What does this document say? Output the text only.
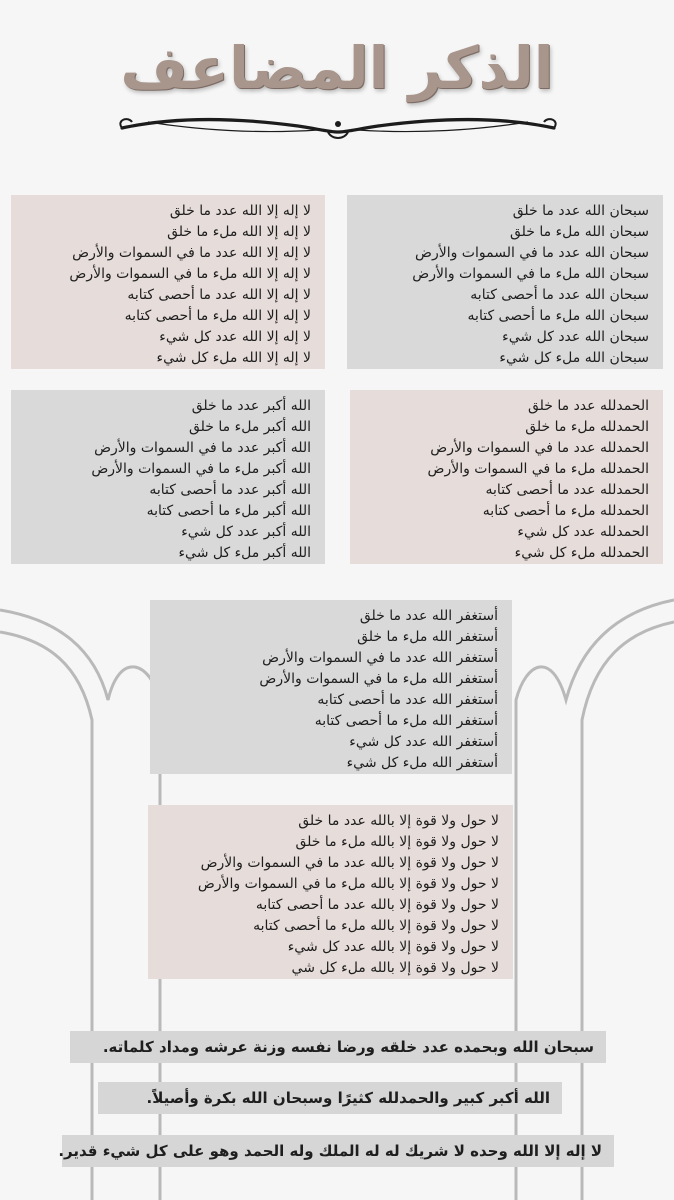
الذكر المضاعف
سبحان الله عدد ما خلق
سبحان الله ملء ما خلق
سبحان الله عدد ما في السموات والأرض
سبحان الله ملء ما في السموات والأرض
سبحان الله عدد ما أحصى كتابه
سبحان الله ملء ما أحصى كتابه
سبحان الله عدد كل شيء
سبحان الله ملء كل شيء
لا إله إلا الله عدد ما خلق
لا إله إلا الله ملء ما خلق
لا إله إلا الله عدد ما في السموات والأرض
لا إله إلا الله ملء ما في السموات والأرض
لا إله إلا الله عدد ما أحصى كتابه
لا إله إلا الله ملء ما أحصى كتابه
لا إله إلا الله عدد كل شيء
لا إله إلا الله ملء كل شيء
الحمدلله عدد ما خلق
الحمدلله ملء ما خلق
الحمدلله عدد ما في السموات والأرض
الحمدلله ملء ما في السموات والأرض
الحمدلله عدد ما أحصى كتابه
الحمدلله ملء ما أحصى كتابه
الحمدلله عدد كل شيء
الحمدلله ملء كل شيء
الله أكبر عدد ما خلق
الله أكبر ملء ما خلق
الله أكبر عدد ما في السموات والأرض
الله أكبر ملء ما في السموات والأرض
الله أكبر عدد ما أحصى كتابه
الله أكبر ملء ما أحصى كتابه
الله أكبر عدد كل شيء
الله أكبر ملء كل شيء
أستغفر الله عدد ما خلق
أستغفر الله ملء ما خلق
أستغفر الله عدد ما في السموات والأرض
أستغفر الله ملء ما في السموات والأرض
أستغفر الله عدد ما أحصى كتابه
أستغفر الله ملء ما أحصى كتابه
أستغفر الله عدد كل شيء
أستغفر الله ملء كل شيء
لا حول ولا قوة إلا بالله عدد ما خلق
لا حول ولا قوة إلا بالله ملء ما خلق
لا حول ولا قوة إلا بالله عدد ما في السموات والأرض
لا حول ولا قوة إلا بالله ملء ما في السموات والأرض
لا حول ولا قوة إلا بالله عدد ما أحصى كتابه
لا حول ولا قوة إلا بالله ملء ما أحصى كتابه
لا حول ولا قوة إلا بالله عدد كل شيء
لا حول ولا قوة إلا بالله ملء كل شي
سبحان الله وبحمده عدد خلقه ورضا نفسه وزنة عرشه ومداد كلماته.
الله أكبر كبير والحمدلله كثيرًا وسبحان الله بكرة وأصيلاً.
لا إله إلا الله وحده لا شريك له له الملك وله الحمد وهو على كل شيء قدير.
